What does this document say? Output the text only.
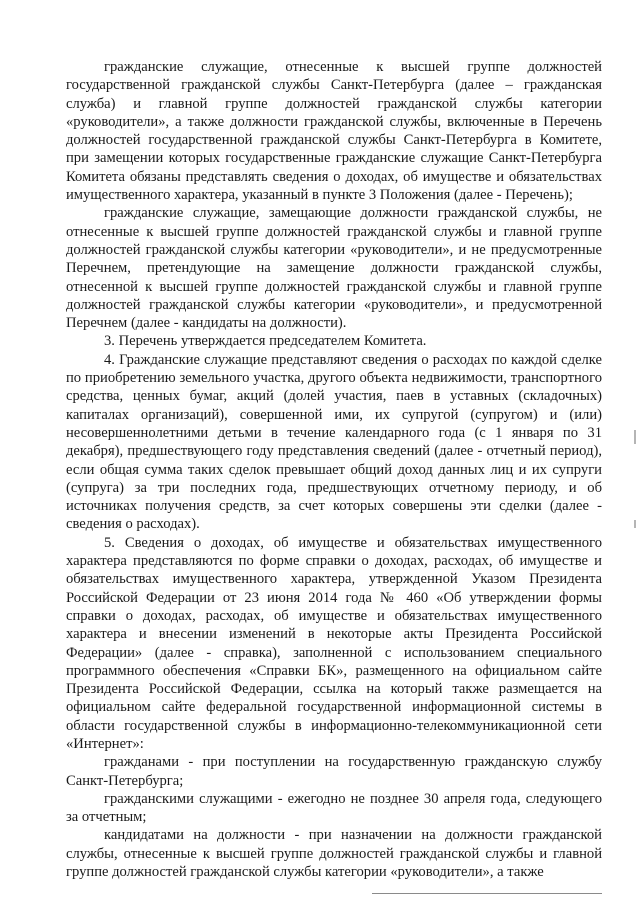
гражданские служащие, отнесенные к высшей группе должностей государственной гражданской службы Санкт-Петербурга (далее – гражданская служба) и главной группе должностей гражданской службы категории «руководители», а также должности гражданской службы, включенные в Перечень должностей государственной гражданской службы Санкт-Петербурга в Комитете, при замещении которых государственные гражданские служащие Санкт-Петербурга Комитета обязаны представлять сведения о доходах, об имуществе и обязательствах имущественного характера, указанный в пункте 3 Положения (далее - Перечень);

гражданские служащие, замещающие должности гражданской службы, не отнесенные к высшей группе должностей гражданской службы и главной группе должностей гражданской службы категории «руководители», и не предусмотренные Перечнем, претендующие на замещение должности гражданской службы, отнесенной к высшей группе должностей гражданской службы и главной группе должностей гражданской службы категории «руководители», и предусмотренной Перечнем (далее - кандидаты на должности).

3. Перечень утверждается председателем Комитета.

4. Гражданские служащие представляют сведения о расходах по каждой сделке по приобретению земельного участка, другого объекта недвижимости, транспортного средства, ценных бумаг, акций (долей участия, паев в уставных (складочных) капиталах организаций), совершенной ими, их супругой (супругом) и (или) несовершеннолетними детьми в течение календарного года (с 1 января по 31 декабря), предшествующего году представления сведений (далее - отчетный период), если общая сумма таких сделок превышает общий доход данных лиц и их супруги (супруга) за три последних года, предшествующих отчетному периоду, и об источниках получения средств, за счет которых совершены эти сделки (далее - сведения о расходах).

5. Сведения о доходах, об имуществе и обязательствах имущественного характера представляются по форме справки о доходах, расходах, об имуществе и обязательствах имущественного характера, утвержденной Указом Президента Российской Федерации от 23 июня 2014 года № 460 «Об утверждении формы справки о доходах, расходах, об имуществе и обязательствах имущественного характера и внесении изменений в некоторые акты Президента Российской Федерации» (далее - справка), заполненной с использованием специального программного обеспечения «Справки БК», размещенного на официальном сайте Президента Российской Федерации, ссылка на который также размещается на официальном сайте федеральной государственной информационной системы в области государственной службы в информационно-телекоммуникационной сети «Интернет»:

гражданами - при поступлении на государственную гражданскую службу Санкт-Петербурга;

гражданскими служащими - ежегодно не позднее 30 апреля года, следующего за отчетным;

кандидатами на должности - при назначении на должности гражданской службы, отнесенные к высшей группе должностей гражданской службы и главной группе должностей гражданской службы категории «руководители», а также
